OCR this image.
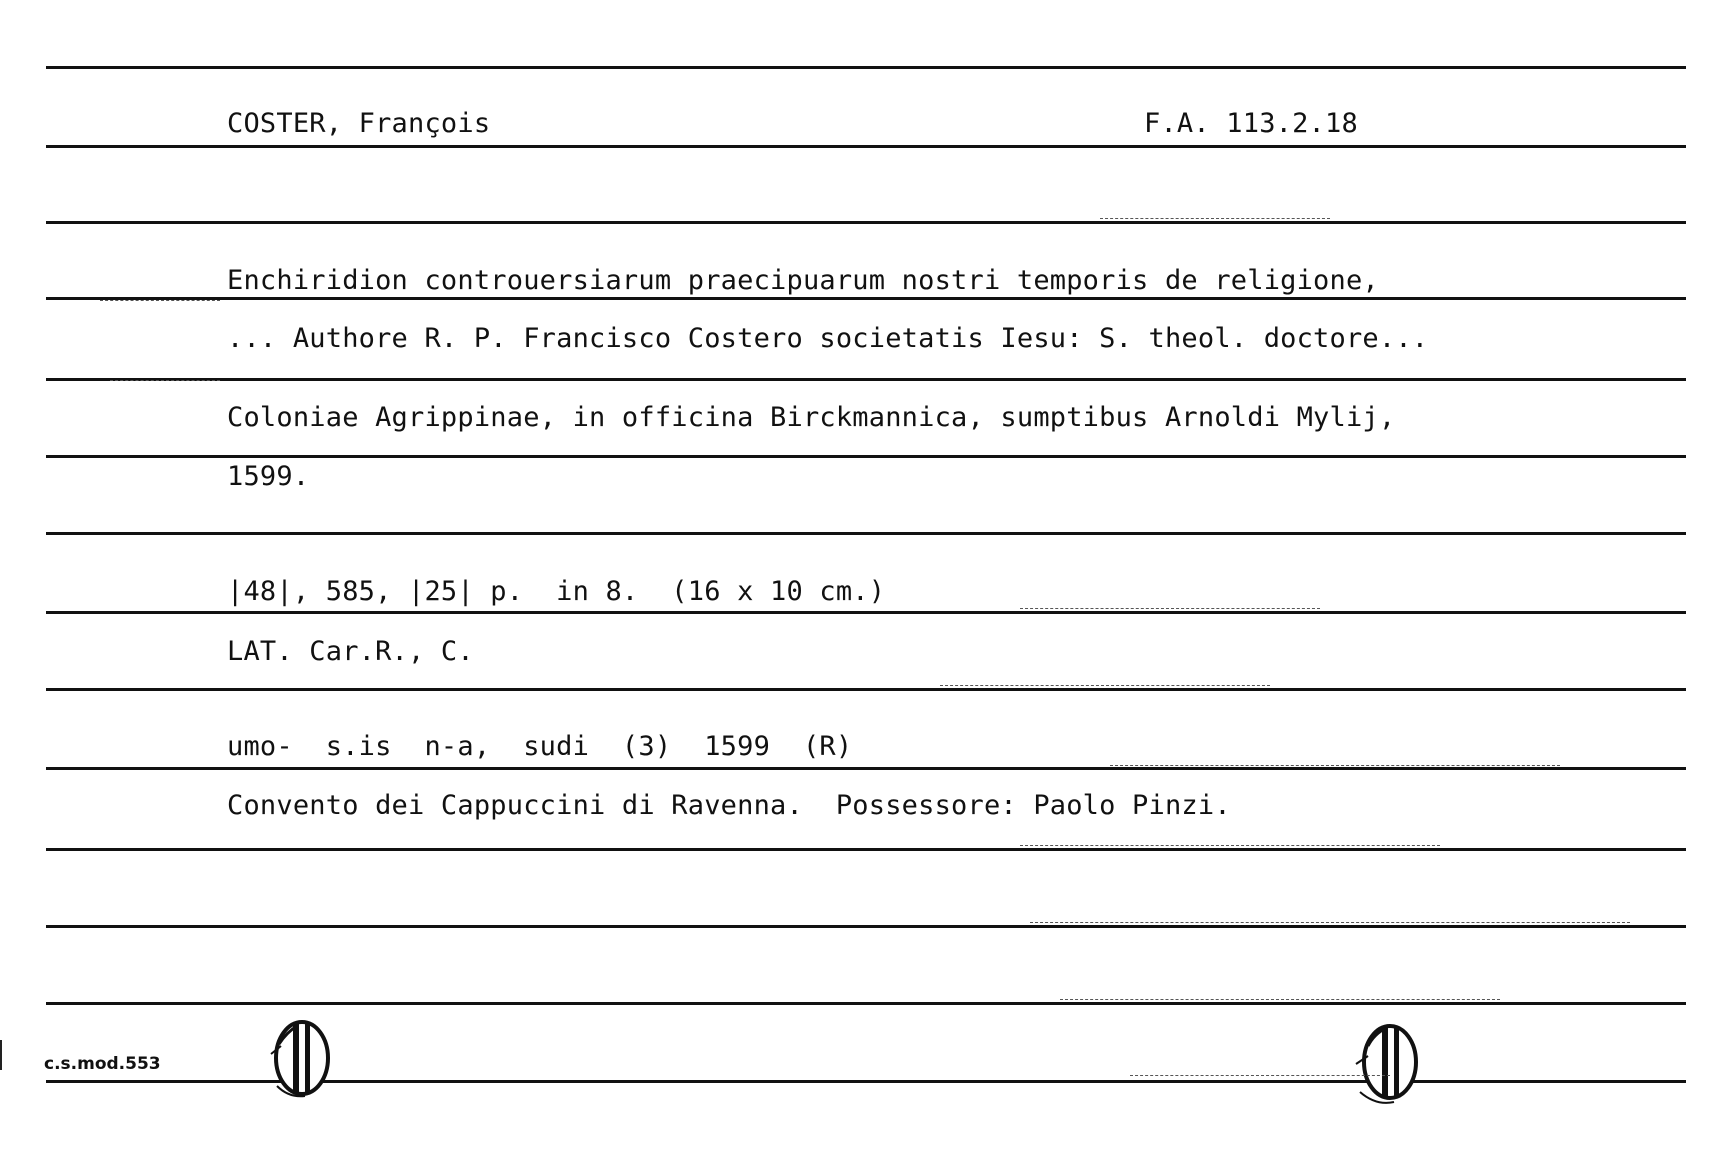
COSTER, François	F.A. 113.2.18
Enchiridion controuersiarum praecipuarum nostri temporis de religione,
... Authore R. P. Francisco Costero societatis Iesu: S. theol. doctore...
Coloniae Agrippinae, in officina Birckmannica, sumptibus Arnoldi Mylij,
1599.
|48|, 585, |25| p.  in 8.  (16 x 10 cm.)
LAT. Car.R., C.
umo-  s.is  n-a,  sudi  (3)  1599  (R)
Convento dei Cappuccini di Ravenna.  Possessore: Paolo Pinzi.
c.s.mod.553
